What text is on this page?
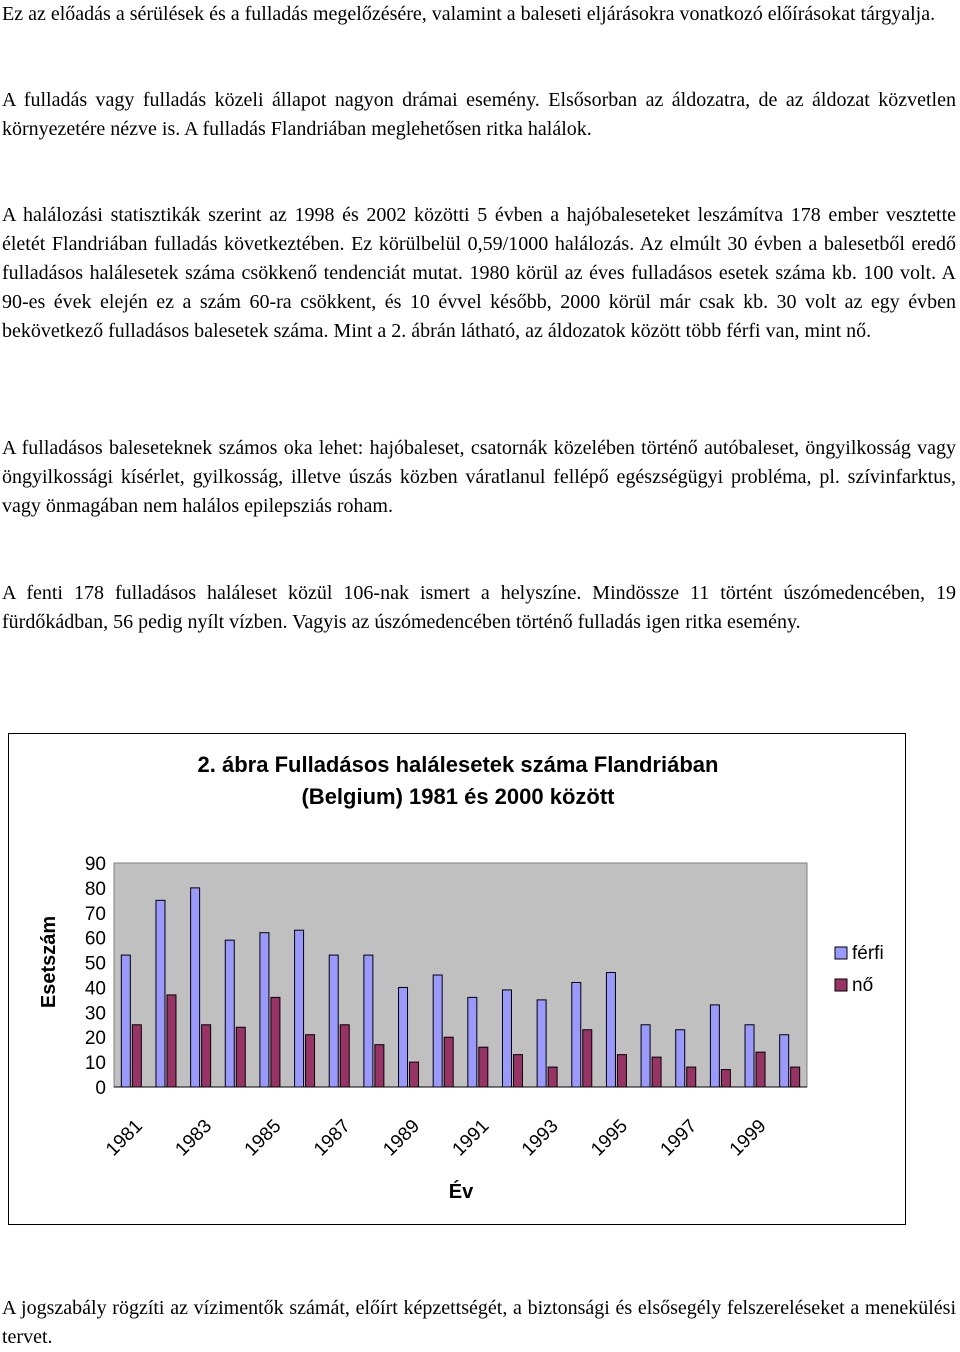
Ez az előadás a sérülések és a fulladás megelőzésére, valamint a baleseti eljárásokra vonatkozó előírásokat tárgyalja.

A fulladás vagy fulladás közeli állapot nagyon drámai esemény. Elsősorban az áldozatra, de az áldozat közvetlen környezetére nézve is. A fulladás Flandriában meglehetősen ritka halálok.

A halálozási statisztikák szerint az 1998 és 2002 közötti 5 évben a hajóbaleseteket leszámítva 178 ember vesztette életét Flandriában fulladás következtében. Ez körülbelül 0,59/1000 halálozás. Az elmúlt 30 évben a balesetből eredő fulladásos halálesetek száma csökkenő tendenciát mutat. 1980 körül az éves fulladásos esetek száma kb. 100 volt. A 90-es évek elején ez a szám 60-ra csökkent, és 10 évvel később, 2000 körül már csak kb. 30 volt az egy évben bekövetkező fulladásos balesetek száma. Mint a 2. ábrán látható, az áldozatok között több férfi van, mint nő.

A fulladásos baleseteknek számos oka lehet: hajóbaleset, csatornák közelében történő autóbaleset, öngyilkosság vagy öngyilkossági kísérlet, gyilkosság, illetve úszás közben váratlanul fellépő egészségügyi probléma, pl. szívinfarktus, vagy önmagában nem halálos epilepsziás roham.

A fenti 178 fulladásos haláleset közül 106-nak ismert a helyszíne. Mindössze 11 történt úszómedencében, 19 fürdőkádban, 56 pedig nyílt vízben. Vagyis az úszómedencében történő fulladás igen ritka esemény.

2. ábra Fulladásos halálesetek száma Flandriában
(Belgium) 1981 és 2000 között
Esetszám
Év
0
10
20
30
40
50
60
70
80
90
1981 1983 1985 1987 1989 1991 1993 1995 1997 1999
férfi
nő

A jogszabály rögzíti az vízimentők számát, előírt képzettségét, a biztonsági és elsősegély felszereléseket a menekülési tervet.
